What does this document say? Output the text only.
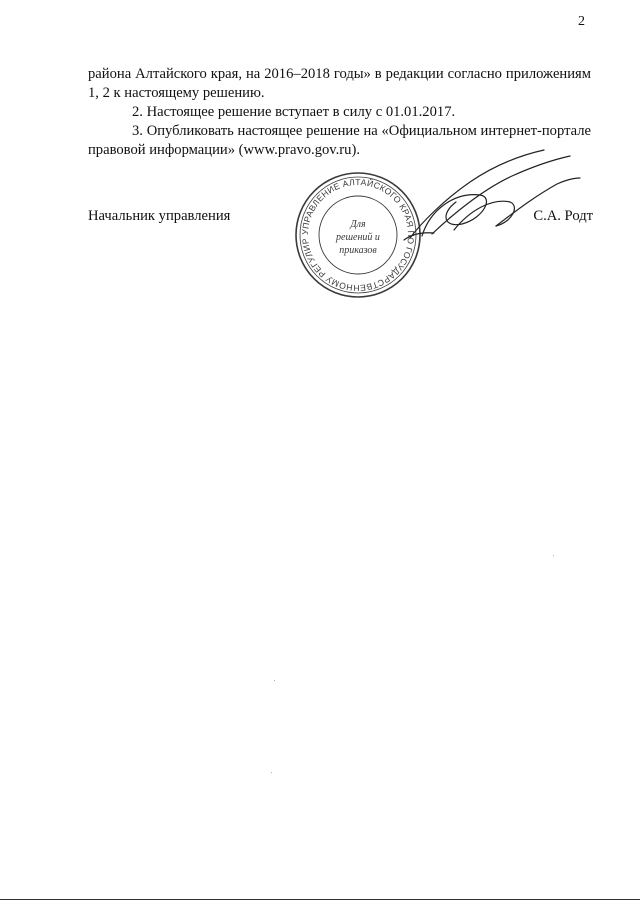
2

района Алтайского края, на 2016–2018 годы» в редакции согласно приложениям 1, 2 к настоящему решению.

2. Настоящее решение вступает в силу с 01.01.2017.

3. Опубликовать настоящее решение на «Официальном интернет-портале правовой информации» (www.pravo.gov.ru).

Начальник управления	С.А. Родт
УПРАВЛЕНИЕ АЛТАЙСКОГО КРАЯ ПО ГОСУДАРСТВЕННОМУ РЕГУЛИР
Для
решений и
приказов
